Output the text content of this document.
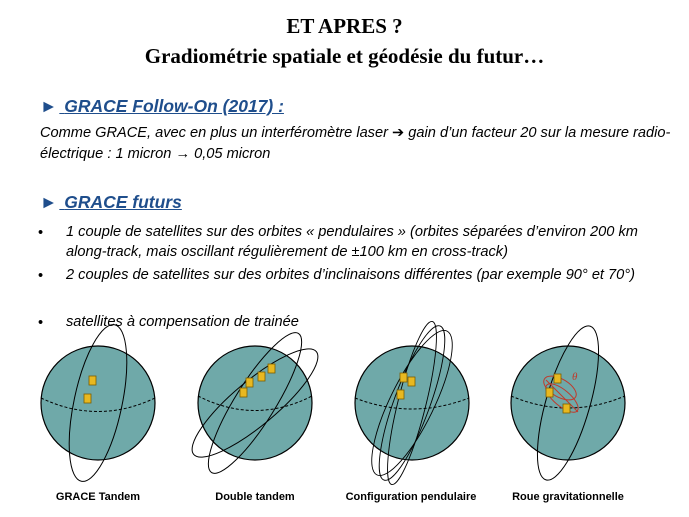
ET APRES ?
Gradiométrie spatiale et géodésie du futur…
► GRACE Follow-On (2017) :
Comme GRACE, avec en plus un interféromètre laser ➔ gain d’un facteur 20 sur la mesure radio-électrique : 1 micron → 0,05 micron
► GRACE futurs
• 1 couple de satellites sur des orbites « pendulaires » (orbites séparées d’environ 200 km along-track, mais oscillant régulièrement de ±100 km en cross-track)
• 2 couples de satellites sur des orbites d’inclinaisons différentes (par exemple 90° et 70°)
• satellites à compensation de trainée
θ
GRACE Tandem	Double tandem	Configuration pendulaire	Roue gravitationnelle
